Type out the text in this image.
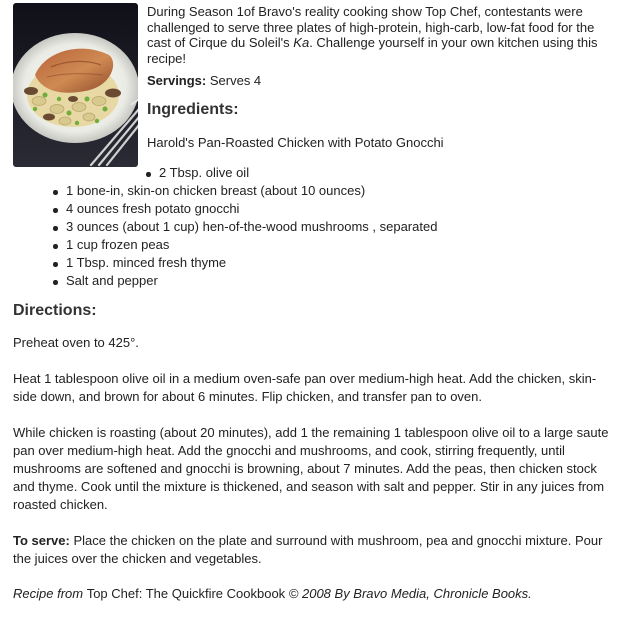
During Season 1of Bravo's reality cooking show Top Chef, contestants were challenged to serve three plates of high-protein, high-carb, low-fat food for the cast of Cirque du Soleil's Ka. Challenge yourself in your own kitchen using this recipe!

Servings: Serves 4
Ingredients:
Harold's Pan-Roasted Chicken with Potato Gnocchi
2 Tbsp. olive oil
1 bone-in, skin-on chicken breast (about 10 ounces)
4 ounces fresh potato gnocchi
3 ounces (about 1 cup) hen-of-the-wood mushrooms , separated
1 cup frozen peas
1 Tbsp. minced fresh thyme
Salt and pepper
Directions:

Preheat oven to 425°.

Heat 1 tablespoon olive oil in a medium oven-safe pan over medium-high heat. Add the chicken, skin-side down, and brown for about 6 minutes. Flip chicken, and transfer pan to oven.

While chicken is roasting (about 20 minutes), add 1 the remaining 1 tablespoon olive oil to a large saute pan over medium-high heat. Add the gnocchi and mushrooms, and cook, stirring frequently, until mushrooms are softened and gnocchi is browning, about 7 minutes. Add the peas, then chicken stock and thyme. Cook until the mixture is thickened, and season with salt and pepper. Stir in any juices from roasted chicken.

To serve: Place the chicken on the plate and surround with mushroom, pea and gnocchi mixture. Pour the juices over the chicken and vegetables.

Recipe from Top Chef: The Quickfire Cookbook © 2008 By Bravo Media, Chronicle Books.
